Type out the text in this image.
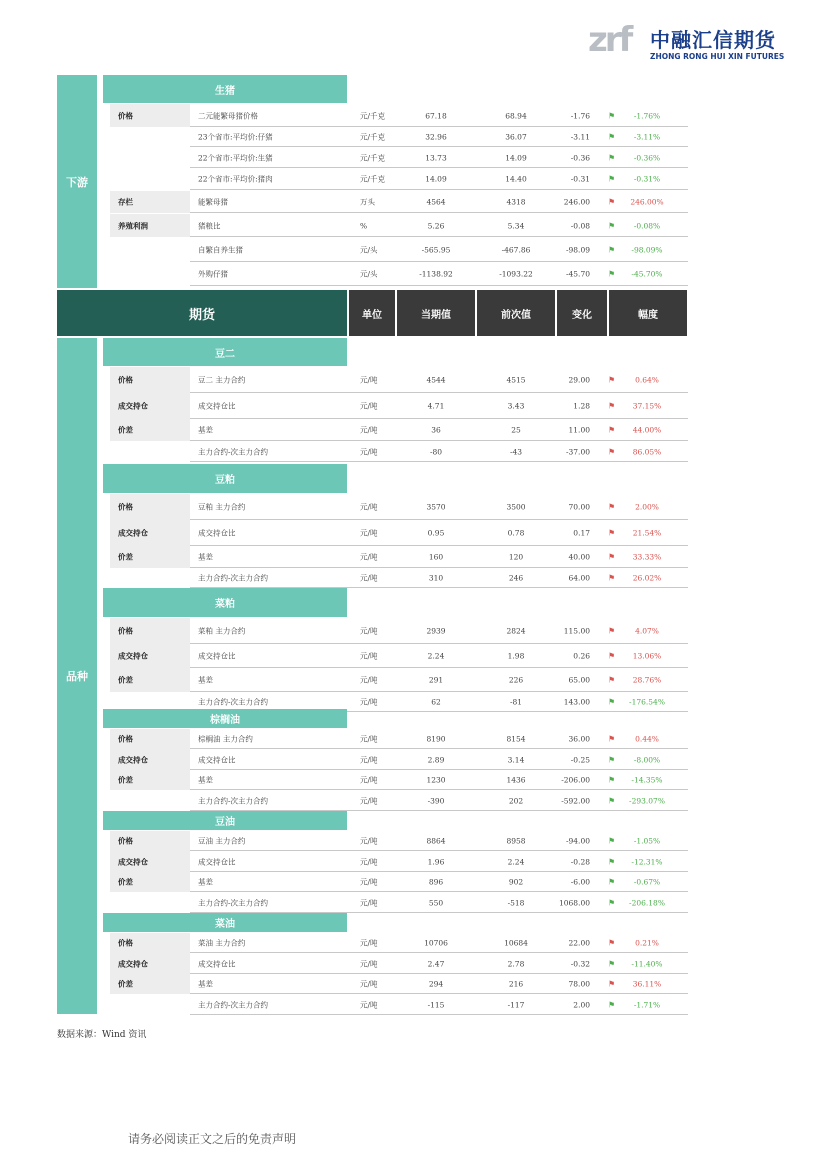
zrf 中融汇信期货
ZHONG RONG HUI XIN FUTURES
下游
生猪
价格	二元能繁母猪价格	元/千克	67.18	68.94	-1.76 ⚑	-1.76%
23个省市:平均价:仔猪	元/千克	32.96	36.07	-3.11 ⚑	-3.11%
22个省市:平均价:生猪	元/千克	13.73	14.09	-0.36 ⚑	-0.36%
22个省市:平均价:猪肉	元/千克	14.09	14.40	-0.31 ⚑	-0.31%
存栏	能繁母猪	万头	4564	4318	246.00 ⚑	246.00%
养殖利润	猪粮比	%	5.26	5.34	-0.08 ⚑	-0.08%
自繁自养生猪	元/头	-565.95	-467.86	-98.09 ⚑	-98.09%
外购仔猪	元/头	-1138.92	-1093.22	-45.70 ⚑	-45.70%
期货	单位	当期值	前次值	变化	幅度
品种
豆二
价格	豆二 主力合约	元/吨	4544	4515	29.00 ⚑	0.64%
成交持仓	成交持仓比	元/吨	4.71	3.43	1.28 ⚑	37.15%
价差	基差	元/吨	36	25	11.00 ⚑	44.00%
主力合约-次主力合约	元/吨	-80	-43	-37.00 ⚑	86.05%
豆粕
价格	豆粕 主力合约	元/吨	3570	3500	70.00 ⚑	2.00%
成交持仓	成交持仓比	元/吨	0.95	0.78	0.17 ⚑	21.54%
价差	基差	元/吨	160	120	40.00 ⚑	33.33%
主力合约-次主力合约	元/吨	310	246	64.00 ⚑	26.02%
菜粕
价格	菜粕 主力合约	元/吨	2939	2824	115.00 ⚑	4.07%
成交持仓	成交持仓比	元/吨	2.24	1.98	0.26 ⚑	13.06%
价差	基差	元/吨	291	226	65.00 ⚑	28.76%
主力合约-次主力合约	元/吨	62	-81	143.00 ⚑	-176.54%
棕榈油
价格	棕榈油 主力合约	元/吨	8190	8154	36.00 ⚑	0.44%
成交持仓	成交持仓比	元/吨	2.89	3.14	-0.25 ⚑	-8.00%
价差	基差	元/吨	1230	1436	-206.00 ⚑	-14.35%
主力合约-次主力合约	元/吨	-390	202	-592.00 ⚑	-293.07%
豆油
价格	豆油 主力合约	元/吨	8864	8958	-94.00 ⚑	-1.05%
成交持仓	成交持仓比	元/吨	1.96	2.24	-0.28 ⚑	-12.31%
价差	基差	元/吨	896	902	-6.00 ⚑	-0.67%
主力合约-次主力合约	元/吨	550	-518	1068.00 ⚑	-206.18%
菜油
价格	菜油 主力合约	元/吨	10706	10684	22.00 ⚑	0.21%
成交持仓	成交持仓比	元/吨	2.47	2.78	-0.32 ⚑	-11.40%
价差	基差	元/吨	294	216	78.00 ⚑	36.11%
主力合约-次主力合约	元/吨	-115	-117	2.00 ⚑	-1.71%
数据来源：Wind 资讯
请务必阅读正文之后的免责声明
